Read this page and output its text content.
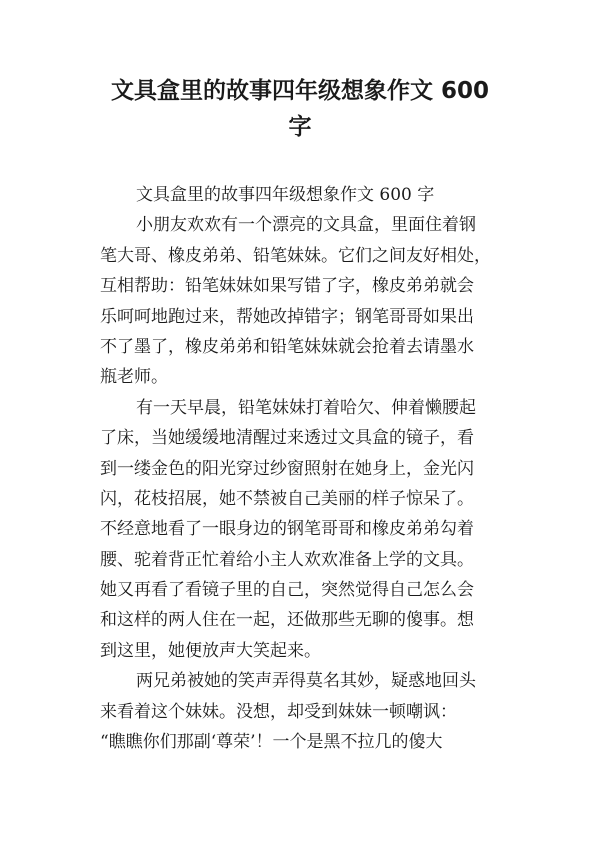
文具盒里的故事四年级想象作文 600
字
文具盒里的故事四年级想象作文 600 字
小朋友欢欢有一个漂亮的文具盒，里面住着钢
笔大哥、橡皮弟弟、铅笔妹妹。它们之间友好相处，
互相帮助：铅笔妹妹如果写错了字，橡皮弟弟就会
乐呵呵地跑过来，帮她改掉错字；钢笔哥哥如果出
不了墨了，橡皮弟弟和铅笔妹妹就会抢着去请墨水
瓶老师。
有一天早晨，铅笔妹妹打着哈欠、伸着懒腰起
了床，当她缓缓地清醒过来透过文具盒的镜子，看
到一缕金色的阳光穿过纱窗照射在她身上，金光闪
闪，花枝招展，她不禁被自己美丽的样子惊呆了。
不经意地看了一眼身边的钢笔哥哥和橡皮弟弟勾着
腰、驼着背正忙着给小主人欢欢准备上学的文具。
她又再看了看镜子里的自己，突然觉得自己怎么会
和这样的两人住在一起，还做那些无聊的傻事。想
到这里，她便放声大笑起来。
两兄弟被她的笑声弄得莫名其妙，疑惑地回头
来看着这个妹妹。没想，却受到妹妹一顿嘲讽：
“瞧瞧你们那副‘尊荣’！一个是黑不拉几的傻大
